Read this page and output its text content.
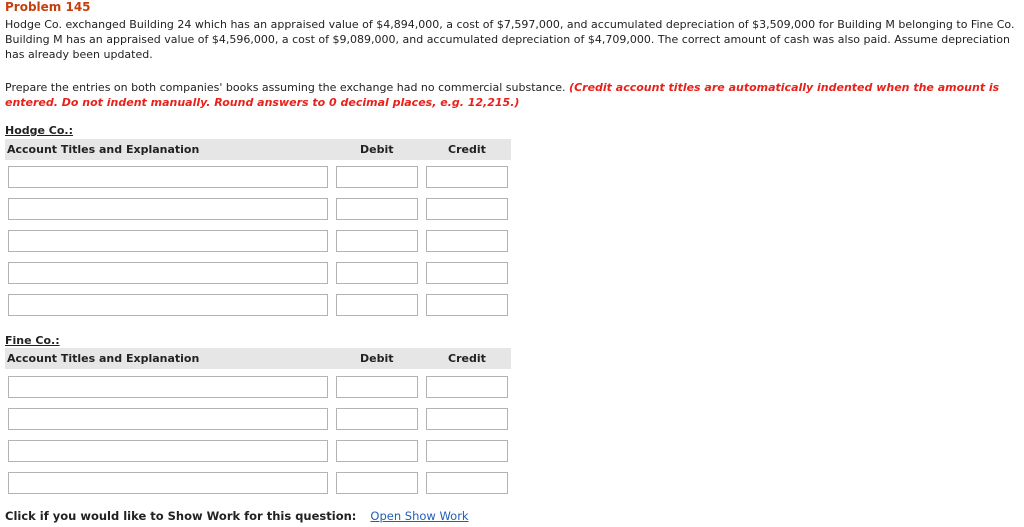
Problem 145
Hodge Co. exchanged Building 24 which has an appraised value of $4,894,000, a cost of $7,597,000, and accumulated depreciation of $3,509,000 for Building M belonging to Fine Co. Building M has an appraised value of $4,596,000, a cost of $9,089,000, and accumulated depreciation of $4,709,000. The correct amount of cash was also paid. Assume depreciation has already been updated.
Prepare the entries on both companies' books assuming the exchange had no commercial substance. (Credit account titles are automatically indented when the amount is entered. Do not indent manually. Round answers to 0 decimal places, e.g. 12,215.)
Hodge Co.:
Account Titles and Explanation	Debit	Credit
Fine Co.:
Account Titles and Explanation	Debit	Credit
Click if you would like to Show Work for this question: Open Show Work
